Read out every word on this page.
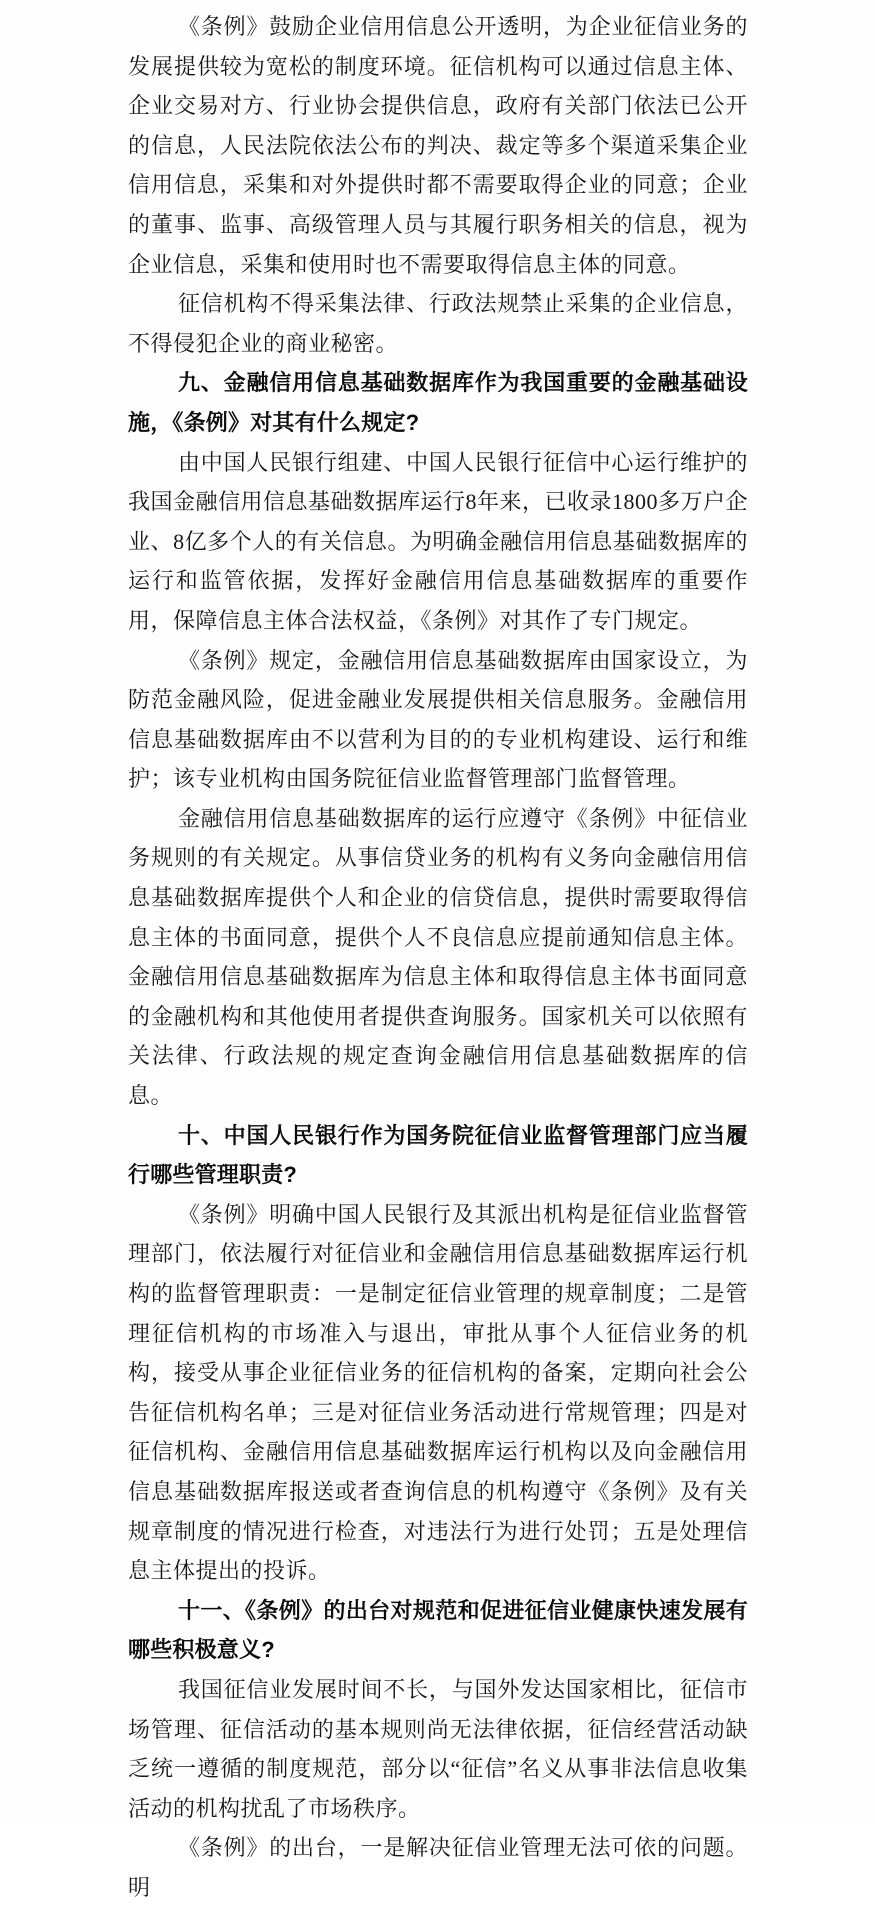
《条例》鼓励企业信用信息公开透明，为企业征信业务的发展提供较为宽松的制度环境。征信机构可以通过信息主体、企业交易对方、行业协会提供信息，政府有关部门依法已公开的信息，人民法院依法公布的判决、裁定等多个渠道采集企业信用信息，采集和对外提供时都不需要取得企业的同意；企业的董事、监事、高级管理人员与其履行职务相关的信息，视为企业信息，采集和使用时也不需要取得信息主体的同意。

征信机构不得采集法律、行政法规禁止采集的企业信息，不得侵犯企业的商业秘密。

九、金融信用信息基础数据库作为我国重要的金融基础设施，《条例》对其有什么规定?

由中国人民银行组建、中国人民银行征信中心运行维护的我国金融信用信息基础数据库运行8年来，已收录1800多万户企业、8亿多个人的有关信息。为明确金融信用信息基础数据库的运行和监管依据，发挥好金融信用信息基础数据库的重要作用，保障信息主体合法权益，《条例》对其作了专门规定。

《条例》规定，金融信用信息基础数据库由国家设立，为防范金融风险，促进金融业发展提供相关信息服务。金融信用信息基础数据库由不以营利为目的的专业机构建设、运行和维护；该专业机构由国务院征信业监督管理部门监督管理。

金融信用信息基础数据库的运行应遵守《条例》中征信业务规则的有关规定。从事信贷业务的机构有义务向金融信用信息基础数据库提供个人和企业的信贷信息，提供时需要取得信息主体的书面同意，提供个人不良信息应提前通知信息主体。金融信用信息基础数据库为信息主体和取得信息主体书面同意的金融机构和其他使用者提供查询服务。国家机关可以依照有关法律、行政法规的规定查询金融信用信息基础数据库的信息。

十、中国人民银行作为国务院征信业监督管理部门应当履行哪些管理职责?

《条例》明确中国人民银行及其派出机构是征信业监督管理部门，依法履行对征信业和金融信用信息基础数据库运行机构的监督管理职责：一是制定征信业管理的规章制度；二是管理征信机构的市场准入与退出，审批从事个人征信业务的机构，接受从事企业征信业务的征信机构的备案，定期向社会公告征信机构名单；三是对征信业务活动进行常规管理；四是对征信机构、金融信用信息基础数据库运行机构以及向金融信用信息基础数据库报送或者查询信息的机构遵守《条例》及有关规章制度的情况进行检查，对违法行为进行处罚；五是处理信息主体提出的投诉。

十一、《条例》的出台对规范和促进征信业健康快速发展有哪些积极意义?

我国征信业发展时间不长，与国外发达国家相比，征信市场管理、征信活动的基本规则尚无法律依据，征信经营活动缺乏统一遵循的制度规范，部分以“征信”名义从事非法信息收集活动的机构扰乱了市场秩序。

《条例》的出台，一是解决征信业管理无法可依的问题。明
